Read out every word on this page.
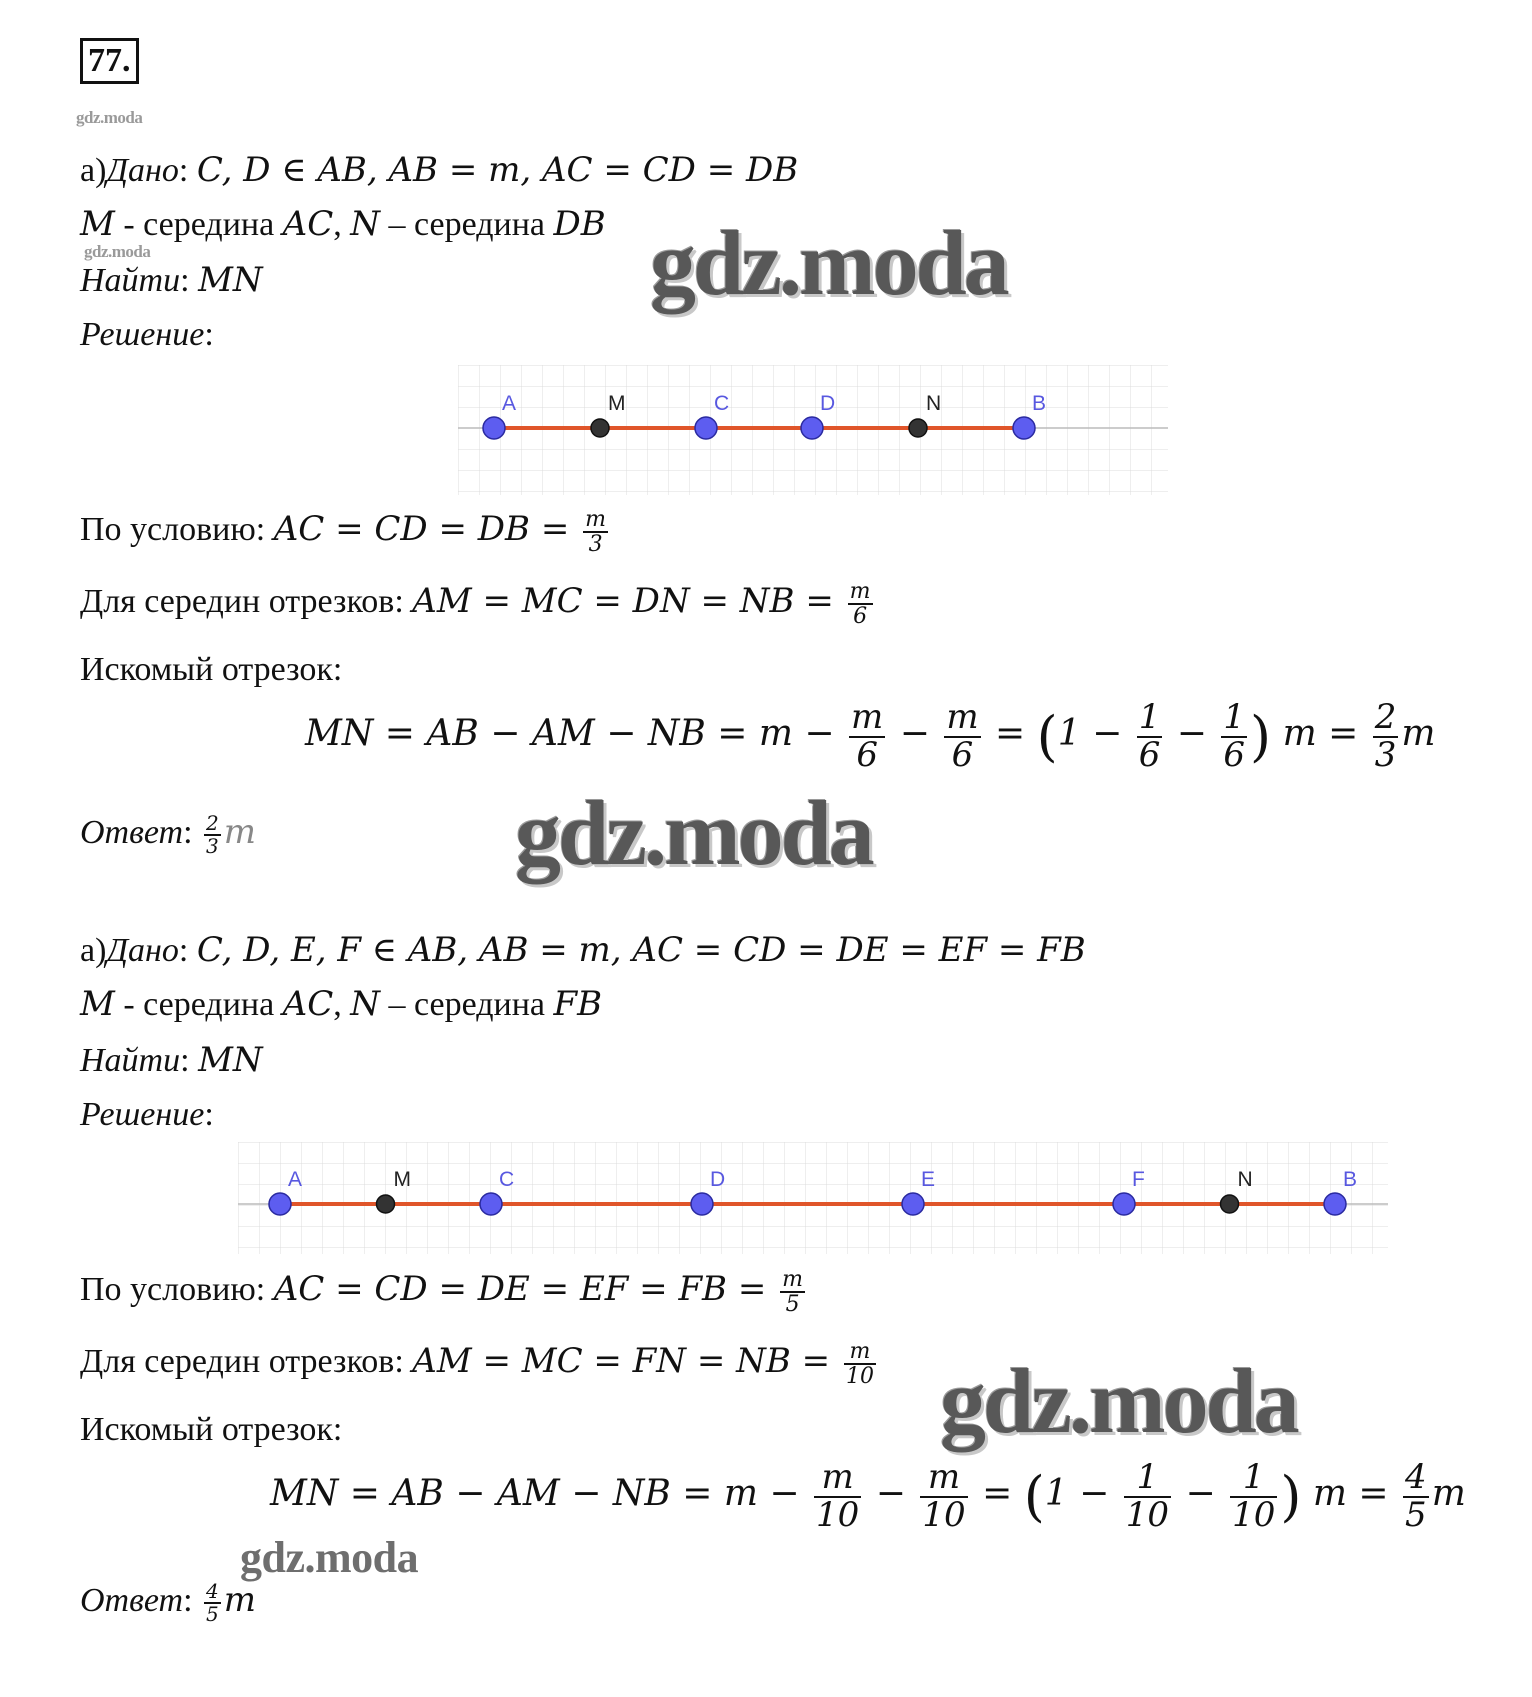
77.
gdz.moda
а)Дано: C, D ∈ AB, AB = m, AC = CD = DB
M - середина AC, N – середина DB
gdz.moda
Найти: MN	gdz.moda
Решение:
A	M	C	D	N	B
По условию: AC = CD = DB = $\frac{m}{3}$
Для середин отрезков: AM = MC = DN = NB = $\frac{m}{6}$
Искомый отрезок:
MN = AB − AM − NB = $m - \frac{m}{6} - \frac{m}{6} = (1 - \frac{1}{6} - \frac{1}{6}$ ) $m = \frac{2}{3}$ m
Ответ: $\frac{2}{3}$ m	gdz.moda
а)Дано: C, D, E, F ∈ AB, AB = m, AC = CD = DE = EF = FB
M - середина AC, N – середина FB
Найти: MN
Решение:
A	M	C	D	E	F	N	B
По условию: AC = CD = DE = EF = FB = $\frac{m}{5}$
Для середин отрезков: AM = MC = FN = NB = $\frac{m}{10}$ gdz.moda
Искомый отрезок:
MN = AB − AM − NB = $m - \frac{m}{10} - \frac{m}{10} = (1 - \frac{1}{10} - \frac{1}{10}$ ) $m = \frac{4}{5}$ m
gdz.moda
Ответ: $\frac{4}{5}$ m
